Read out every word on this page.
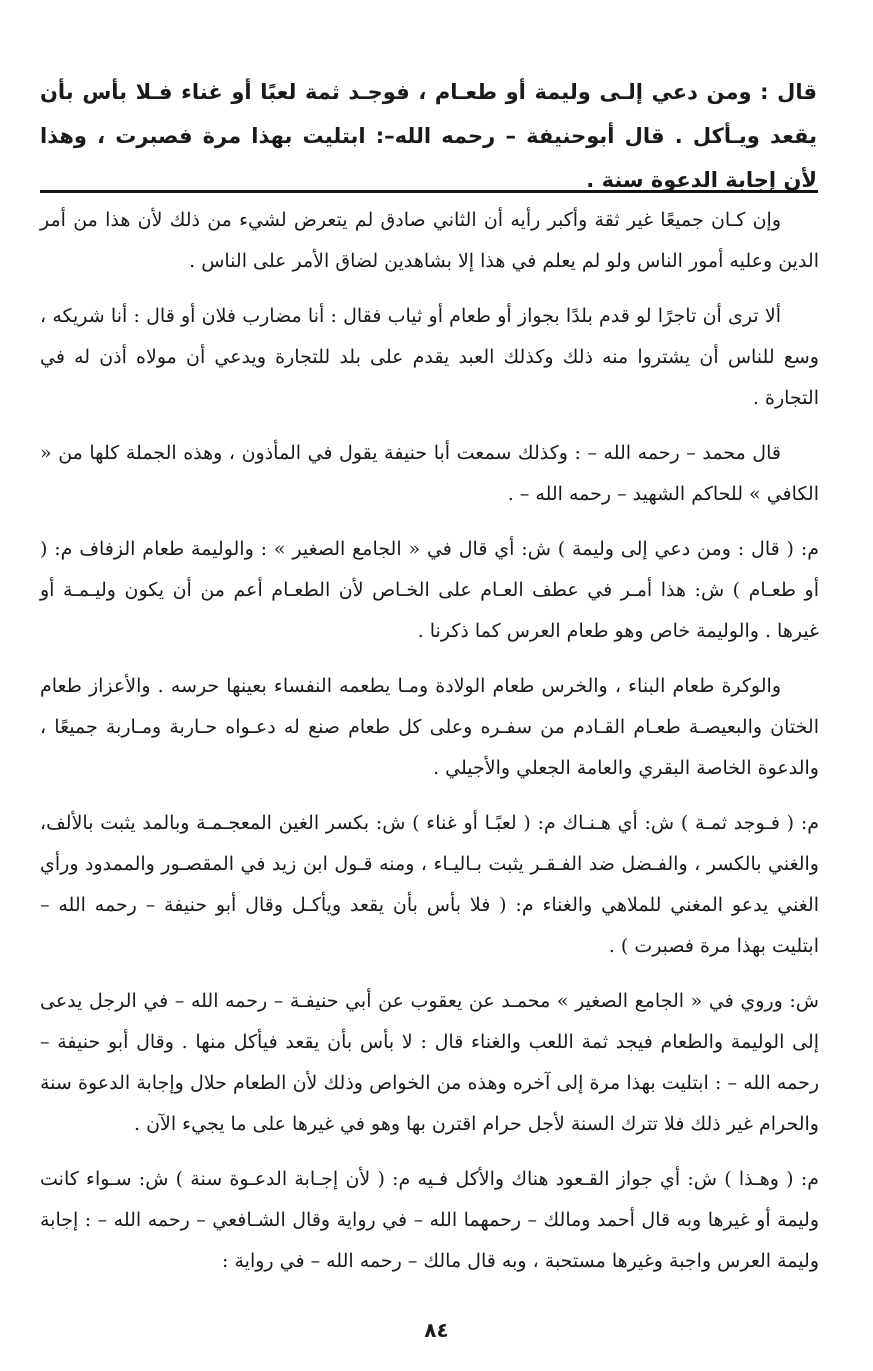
قال : ومن دعي إلـى وليمة أو طعـام ، فوجـد ثمة لعبًا أو غناء فـلا بأس بأن يقعد ويـأكل . قال أبوحنيفة – رحمه الله–: ابتليت بهذا مرة فصبرت ، وهذا لأن إجابة الدعوة سنة .

وإن كـان جميعًا غير ثقة وأكبر رأيه أن الثاني صادق لم يتعرض لشيء من ذلك لأن هذا من أمر الدين وعليه أمور الناس ولو لم يعلم في هذا إلا بشاهدين لضاق الأمر على الناس .

ألا ترى أن تاجرًا لو قدم بلدًا بجواز أو طعام أو ثياب فقال : أنا مضارب فلان أو قال : أنا شريكه ، وسع للناس أن يشتروا منه ذلك وكذلك العبد يقدم على بلد للتجارة ويدعي أن مولاه أذن له في التجارة .

قال محمد – رحمه الله – : وكذلك سمعت أبا حنيفة يقول في المأذون ، وهذه الجملة كلها من « الكافي » للحاكم الشهيد – رحمه الله – .

م: ( قال : ومن دعي إلى وليمة ) ش: أي قال في « الجامع الصغير » : والوليمة طعام الزفاف م: ( أو طعـام ) ش: هذا أمـر في عطف العـام على الخـاص لأن الطعـام أعم من أن يكون وليـمـة أو غيرها . والوليمة خاص وهو طعام العرس كما ذكرنا .

والوكرة طعام البناء ، والخرس طعام الولادة ومـا يطعمه النفساء بعينها حرسه . والأعزاز طعام الختان والبعيصـة طعـام القـادم من سفـره وعلى كل طعام صنع له دعـواه حـاربة ومـاربة جميعًا ، والدعوة الخاصة البقري والعامة الجعلي والأجيلي .

م: ( فـوجد ثمـة ) ش: أي هـنـاك م: ( لعبًـا أو غناء ) ش: بكسر الغين المعجـمـة وبالمد يثبت بالألف، والغني بالكسر ، والفـضل ضد الفـقـر يثبت بـاليـاء ، ومنه قـول ابن زيد في المقصـور والممدود ورأي الغني يدعو المغني للملاهي والغناء م: ( فلا بأس بأن يقعد ويأكـل وقال أبو حنيفة – رحمه الله – ابتليت بهذا مرة فصبرت ) .

ش: وروي في « الجامع الصغير » محمـد عن يعقوب عن أبي حنيفـة – رحمه الله – في الرجل يدعى إلى الوليمة والطعام فيجد ثمة اللعب والغناء قال : لا بأس بأن يقعد فيأكل منها . وقال أبو حنيفة – رحمه الله – : ابتليت بهذا مرة إلى آخره وهذه من الخواص وذلك لأن الطعام حلال وإجابة الدعوة سنة والحرام غير ذلك فلا تترك السنة لأجل حرام اقترن بها وهو في غيرها على ما يجيء الآن .

م: ( وهـذا ) ش: أي جواز القـعود هناك والأكل فـيه م: ( لأن إجـابة الدعـوة سنة ) ش: سـواء كانت وليمة أو غيرها وبه قال أحمد ومالك – رحمهما الله – في رواية وقال الشـافعي – رحمه الله – : إجابة وليمة العرس واجبة وغيرها مستحبة ، وبه قال مالك – رحمه الله – في رواية :

٨٤
